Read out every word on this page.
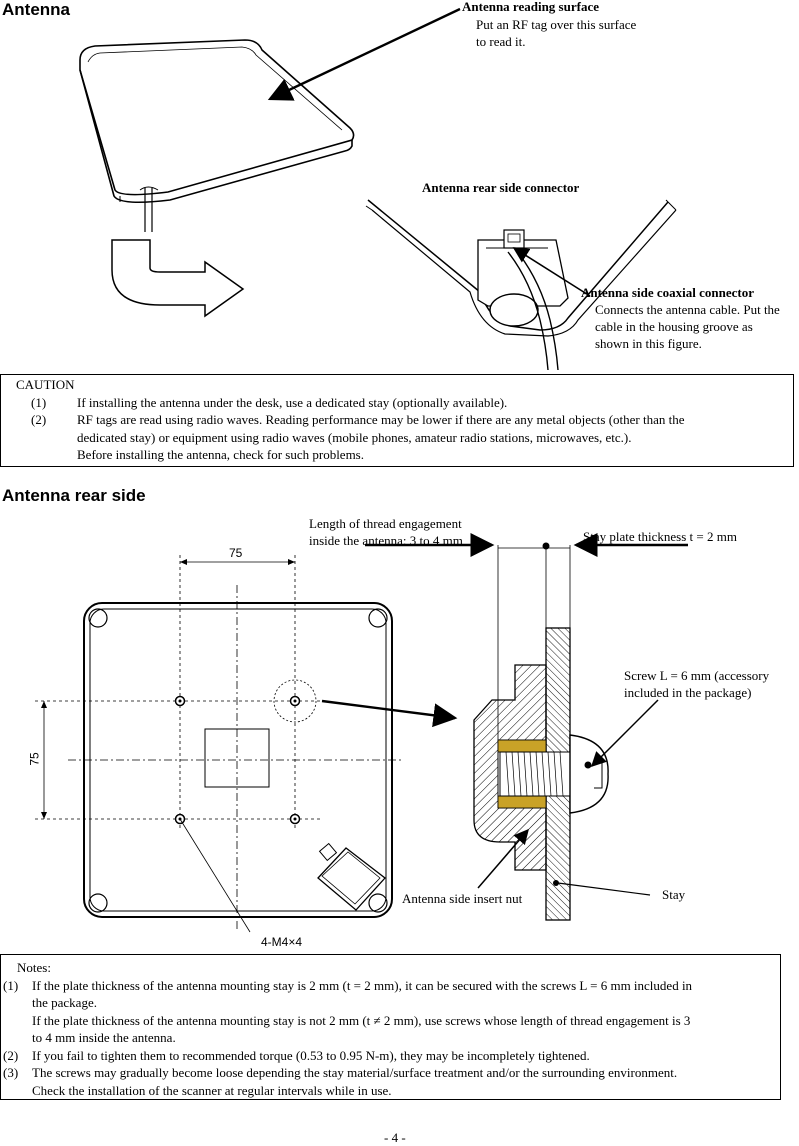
Antenna	Antenna reading surface
Put an RF tag over this surface
to read it.
Antenna rear side connector
Antenna side coaxial connector
Connects the antenna cable. Put the
cable in the housing groove as
shown in this figure.
CAUTION
(1)	If installing the antenna under the desk, use a dedicated stay (optionally available).
(2)	RF tags are read using radio waves. Reading performance may be lower if there are any metal objects (other than the
dedicated stay) or equipment using radio waves (mobile phones, amateur radio stations, microwaves, etc.).
Before installing the antenna, check for such problems.
Antenna rear side
75
75
4-M4×4
Length of thread engagement
inside the antenna: 3 to 4 mm	Stay plate thickness t = 2 mm
Screw L = 6 mm (accessory
included in the package)
Antenna side insert nut	Stay
Notes:
(1)	If the plate thickness of the antenna mounting stay is 2 mm (t = 2 mm), it can be secured with the screws L = 6 mm included in
the package.
If the plate thickness of the antenna mounting stay is not 2 mm (t ≠ 2 mm), use screws whose length of thread engagement is 3
to 4 mm inside the antenna.
(2)	If you fail to tighten them to recommended torque (0.53 to 0.95 N-m), they may be incompletely tightened.
(3)	The screws may gradually become loose depending the stay material/surface treatment and/or the surrounding environment.
Check the installation of the scanner at regular intervals while in use.
- 4 -
